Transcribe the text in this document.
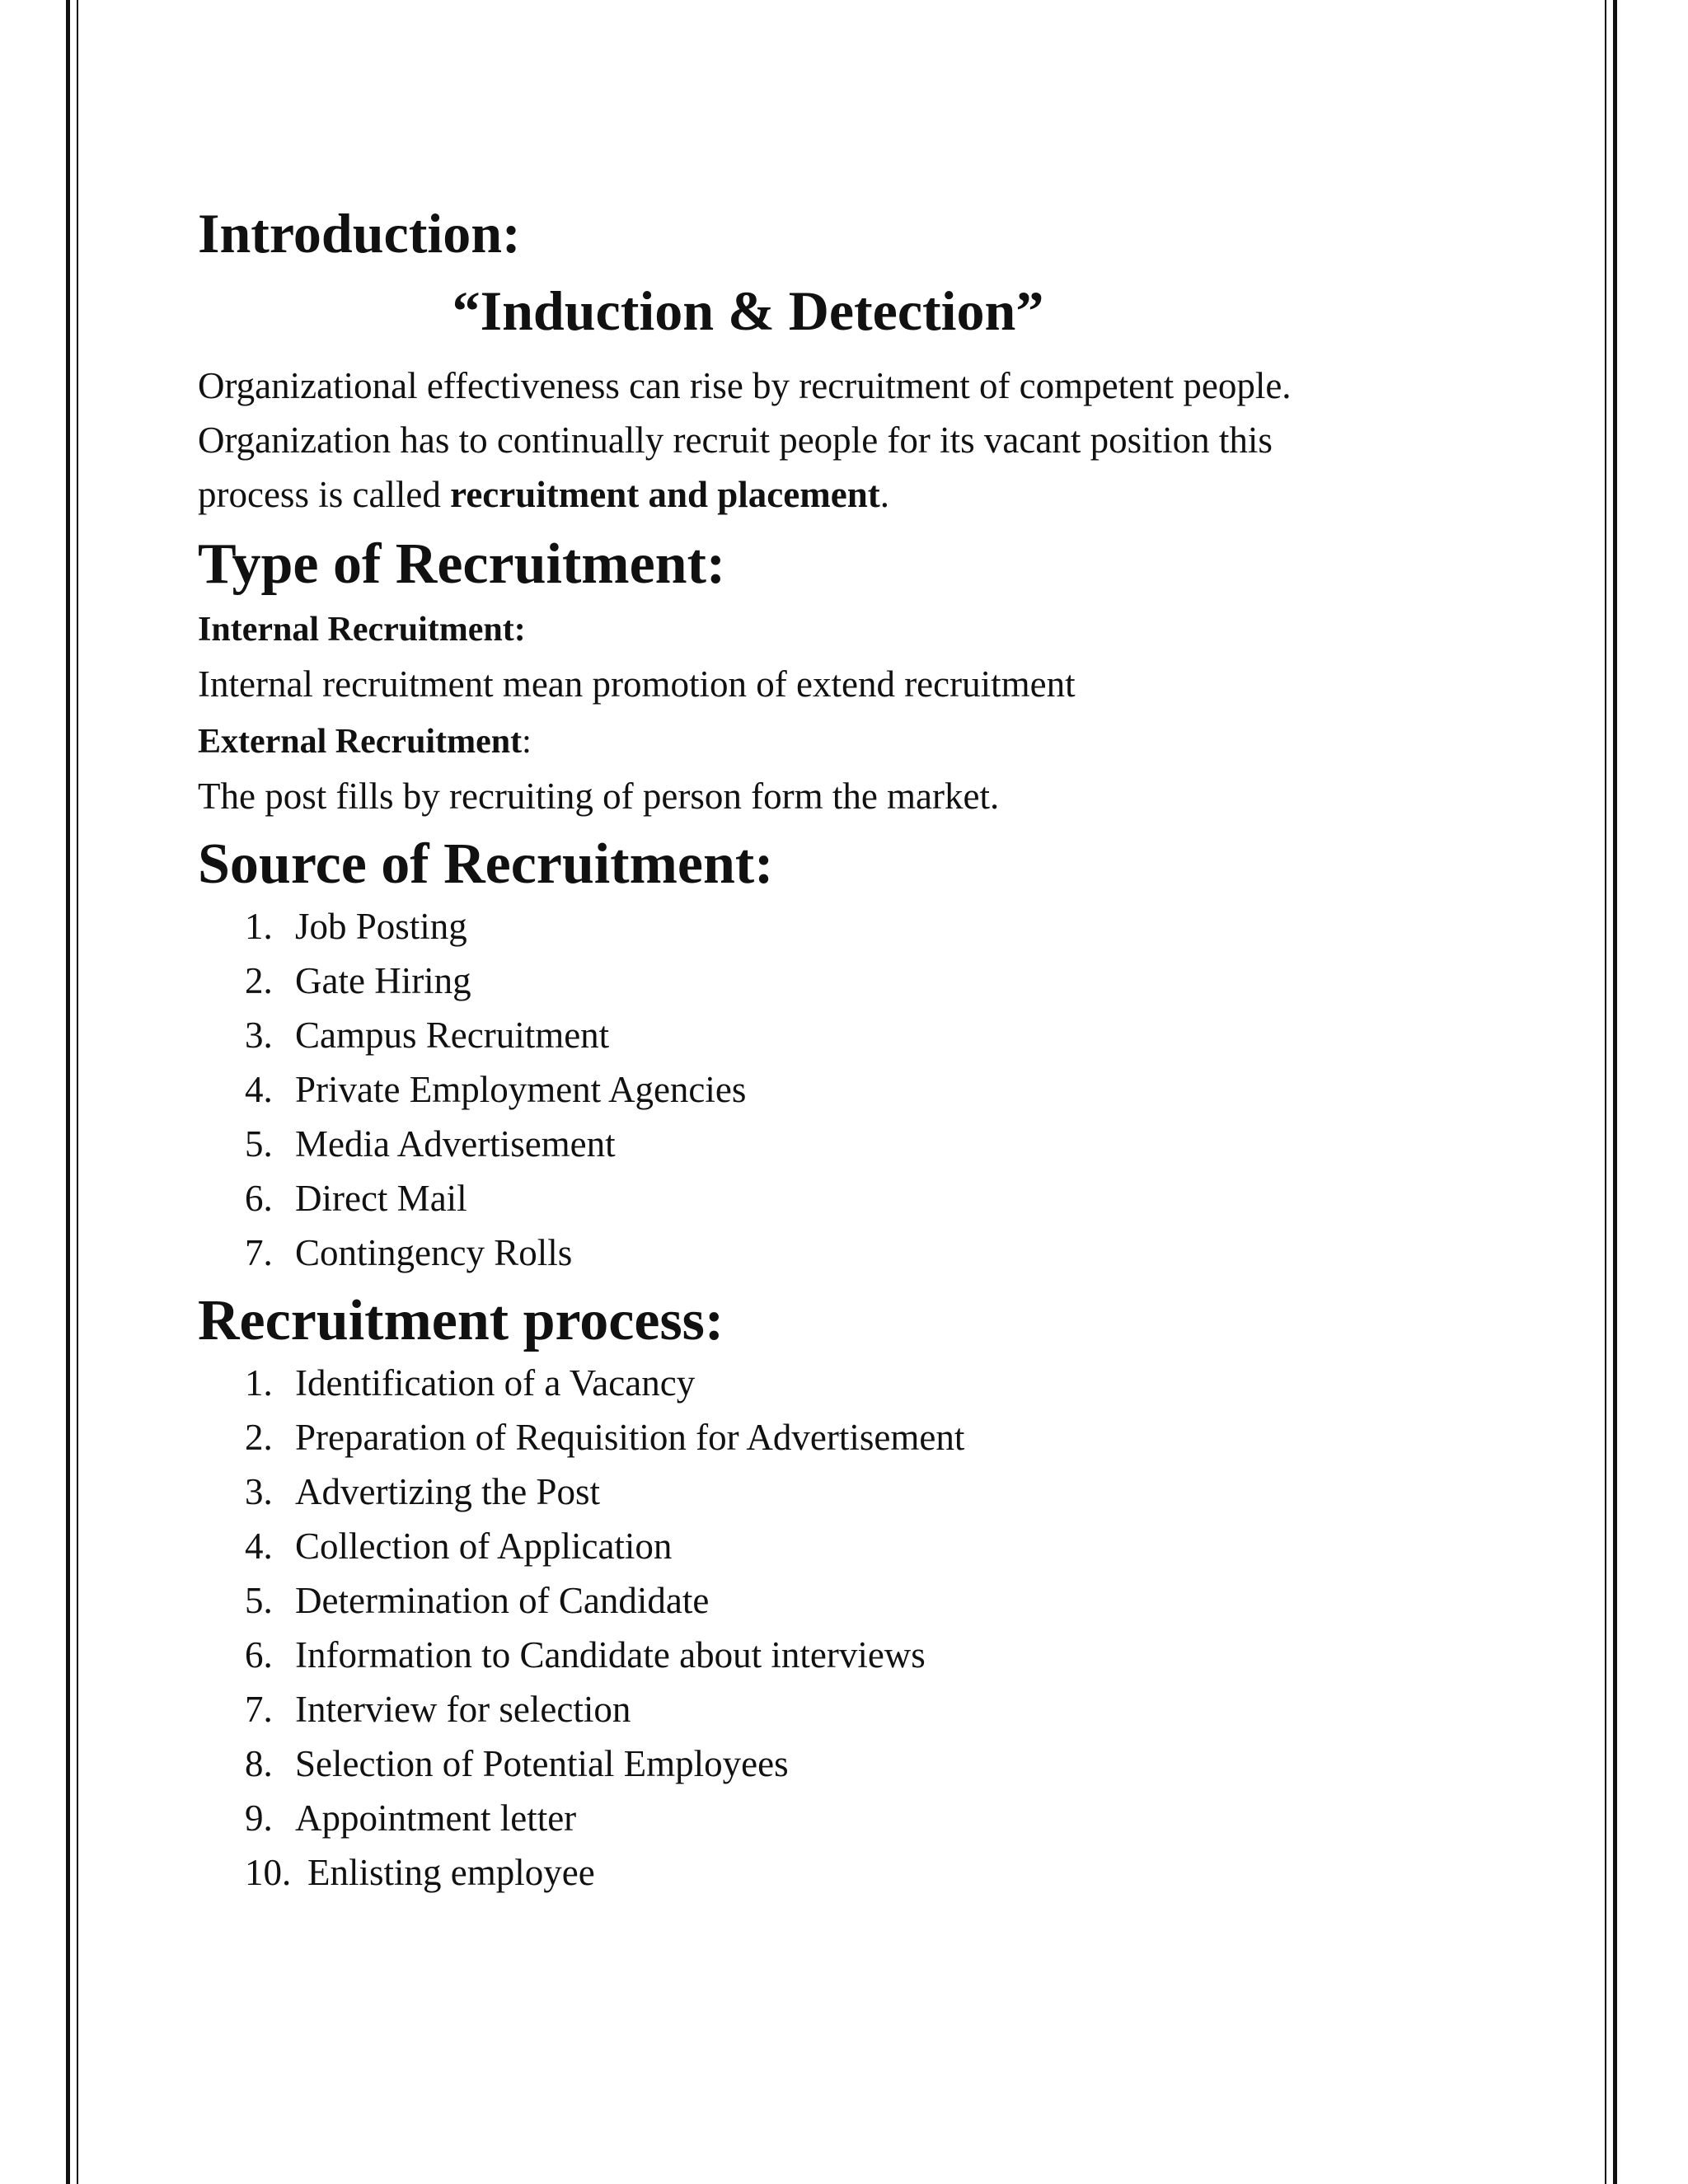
Introduction:
“Induction & Detection”

Organizational effectiveness can rise by recruitment of competent people.
Organization has to continually recruit people for its vacant position this
process is called recruitment and placement.

Type of Recruitment:
Internal Recruitment:
Internal recruitment mean promotion of extend recruitment
External Recruitment:
The post fills by recruiting of person form the market.
Source of Recruitment:
1. Job Posting
2. Gate Hiring
3. Campus Recruitment
4. Private Employment Agencies
5. Media Advertisement
6. Direct Mail
7. Contingency Rolls
Recruitment process:
1. Identification of a Vacancy
2. Preparation of Requisition for Advertisement
3. Advertizing the Post
4. Collection of Application
5. Determination of Candidate
6. Information to Candidate about interviews
7. Interview for selection
8. Selection of Potential Employees
9. Appointment letter
10. Enlisting employee
